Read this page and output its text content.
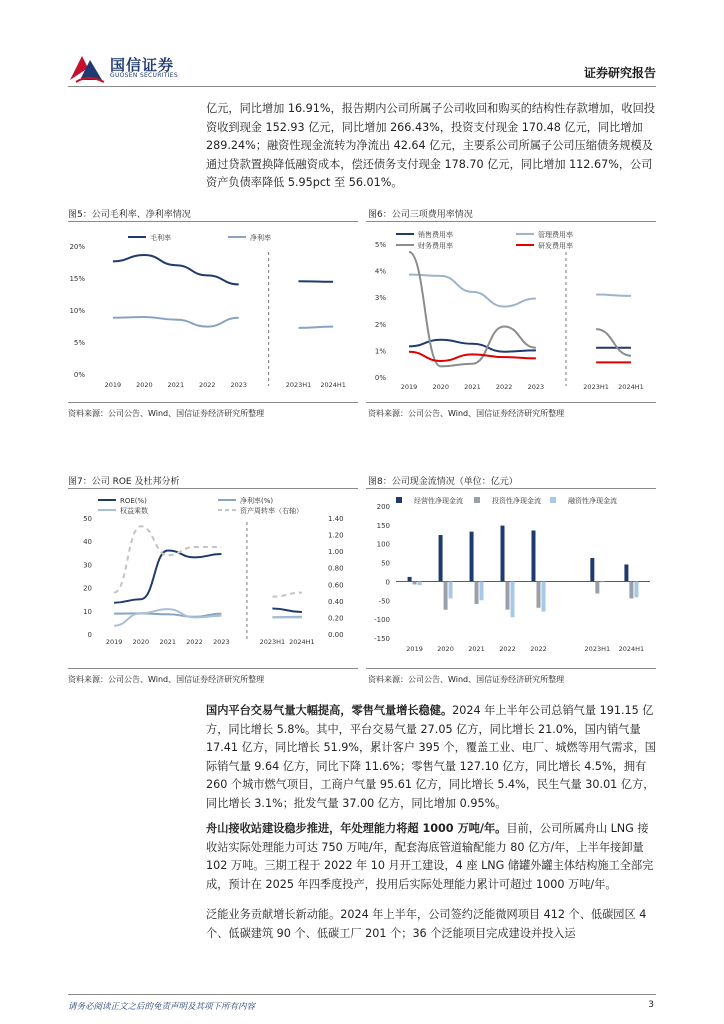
国信证券
GUOSEN SECURITIES	证券研究报告

亿元，同比增加 16.91%，报告期内公司所属子公司收回和购买的结构性存款增加，收回投资收到现金 152.93 亿元，同比增加 266.43%，投资支付现金 170.48 亿元，同比增加 289.24%；融资性现金流转为净流出 42.64 亿元，主要系公司所属子公司压缩债务规模及通过贷款置换降低融资成本，偿还债务支付现金 178.70 亿元，同比增加 112.67%，公司资产负债率降低 5.95pct 至 56.01%。

图5：公司毛利率、净利率情况	图6：公司三项费用率情况
0%
5%
10%
15%
20%
2019 2020 2021 2022 2023	2023H1 2024H1
毛利率	净利率
0%
1%
2%
3%
4%
5%
2019 2020 2021 2022 2023	2023H1 2024H1
销售费用率	管理费用率
财务费用率	研发费用率
资料来源：公司公告、Wind、国信证券经济研究所整理	资料来源：公司公告、Wind、国信证券经济研究所整理
图7：公司 ROE 及杜邦分析	图8：公司现金流情况（单位：亿元）
0
10
20
30
40
50
0.00
0.20
0.40
0.60
0.80
1.00
1.20
1.40
2019 2020 2021 2022 2023	2023H1 2024H1
ROE(%)	净利率(%)
权益乘数	资产周转率（右轴）
-150
-100
-50
0
50
100
150
200
2019 2020 2021 2022 2022	2023H1 2024H1
经营性净现金流	投资性净现金流	融资性净现金流
资料来源：公司公告、Wind、国信证券经济研究所整理	资料来源：公司公告、Wind、国信证券经济研究所整理

国内平台交易气量大幅提高，零售气量增长稳健。2024 年上半年公司总销气量 191.15 亿方，同比增长 5.8%。其中，平台交易气量 27.05 亿方，同比增长 21.0%，国内销气量 17.41 亿方，同比增长 51.9%，累计客户 395 个，覆盖工业、电厂、城燃等用气需求，国际销气量 9.64 亿方，同比下降 11.6%；零售气量 127.10 亿方，同比增长 4.5%，拥有 260 个城市燃气项目，工商户气量 95.61 亿方，同比增长 5.4%，民生气量 30.01 亿方，同比增长 3.1%；批发气量 37.00 亿方，同比增加 0.95%。

舟山接收站建设稳步推进，年处理能力将超 1000 万吨/年。目前，公司所属舟山 LNG 接收站实际处理能力可达 750 万吨/年，配套海底管道输配能力 80 亿方/年，上半年接卸量 102 万吨。三期工程于 2022 年 10 月开工建设，4 座 LNG 储罐外罐主体结构施工全部完成，预计在 2025 年四季度投产，投用后实际处理能力累计可超过 1000 万吨/年。

泛能业务贡献增长新动能。2024 年上半年，公司签约泛能微网项目 412 个、低碳园区 4 个、低碳建筑 90 个、低碳工厂 201 个；36 个泛能项目完成建设并投入运

请务必阅读正文之后的免责声明及其项下所有内容	3
